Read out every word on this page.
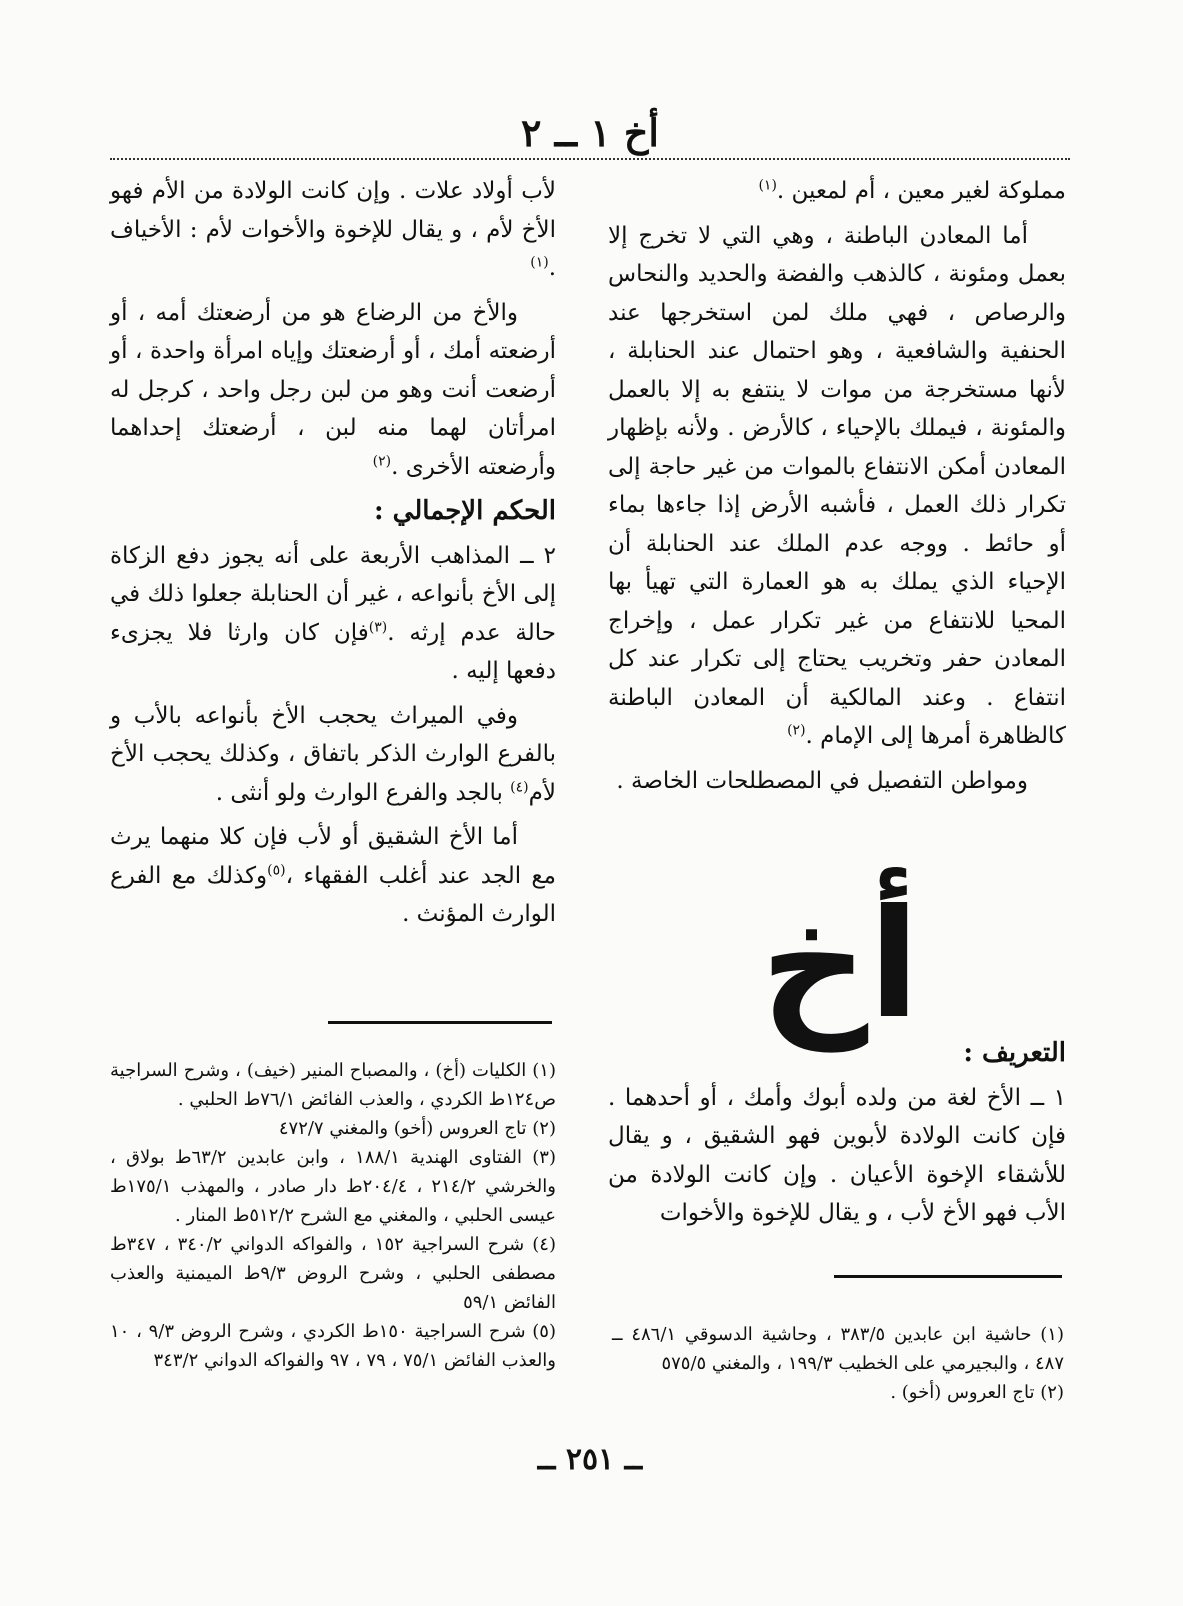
أخ ١ ــ ٢

مملوكة لغير معين ، أم لمعين .$^{(١)}$

أما المعادن الباطنة ، وهي التي لا تخرج إلا بعمل ومئونة ، كالذهب والفضة والحديد والنحاس والرصاص ، فهي ملك لمن استخرجها عند الحنفية والشافعية ، وهو احتمال عند الحنابلة ، لأنها مستخرجة من موات لا ينتفع به إلا بالعمل والمئونة ، فيملك بالإحياء ، كالأرض . ولأنه بإظهار المعادن أمكن الانتفاع بالموات من غير حاجة إلى تكرار ذلك العمل ، فأشبه الأرض إذا جاءها بماء أو حائط . ووجه عدم الملك عند الحنابلة أن الإحياء الذي يملك به هو العمارة التي تهيأ بها المحيا للانتفاع من غير تكرار عمل ، وإخراج المعادن حفر وتخريب يحتاج إلى تكرار عند كل انتفاع . وعند المالكية أن المعادن الباطنة كالظاهرة أمرها إلى الإمام .$^{(٢)}$

ومواطن التفصيل في المصطلحات الخاصة .

أخ

التعريف :

١ ــ الأخ لغة من ولده أبوك وأمك ، أو أحدهما . فإن كانت الولادة لأبوين فهو الشقيق ، و يقال للأشقاء الإخوة الأعيان . وإن كانت الولادة من الأب فهو الأخ لأب ، و يقال للإخوة والأخوات

(١) حاشية ابن عابدين ٣٨٣/٥ ، وحاشية الدسوقي ٤٨٦/١ ــ ٤٨٧ ، والبجيرمي على الخطيب ١٩٩/٣ ، والمغني ٥٧٥/٥

(٢) تاج العروس (أخو) .

لأب أولاد علات . وإن كانت الولادة من الأم فهو الأخ لأم ، و يقال للإخوة والأخوات لأم : الأخياف .$^{(١)}$

والأخ من الرضاع هو من أرضعتك أمه ، أو أرضعته أمك ، أو أرضعتك وإياه امرأة واحدة ، أو أرضعت أنت وهو من لبن رجل واحد ، كرجل له امرأتان لهما منه لبن ، أرضعتك إحداهما وأرضعته الأخرى .$^{(٢)}$

الحكم الإجمالي :

٢ ــ المذاهب الأربعة على أنه يجوز دفع الزكاة إلى الأخ بأنواعه ، غير أن الحنابلة جعلوا ذلك في حالة عدم إرثه .$^{(٣)}$فإن كان وارثا فلا يجزىء دفعها إليه .

وفي الميراث يحجب الأخ بأنواعه بالأب و بالفرع الوارث الذكر باتفاق ، وكذلك يحجب الأخ لأم$^{(٤)}$ بالجد والفرع الوارث ولو أنثى .

أما الأخ الشقيق أو لأب فإن كلا منهما يرث مع الجد عند أغلب الفقهاء ،$^{(٥)}$وكذلك مع الفرع الوارث المؤنث .

(١) الكليات (أخ) ، والمصباح المنير (خيف) ، وشرح السراجية ص١٢٤ط الكردي ، والعذب الفائض ٧٦/١ط الحلبي .

(٢) تاج العروس (أخو) والمغني ٤٧٢/٧

(٣) الفتاوى الهندية ١٨٨/١ ، وابن عابدين ٦٣/٢ط بولاق ، والخرشي ٢١٤/٢ ، ٢٠٤/٤ط دار صادر ، والمهذب ١٧٥/١ط عيسى الحلبي ، والمغني مع الشرح ٥١٢/٢ط المنار .

(٤) شرح السراجية ١٥٢ ، والفواكه الدواني ٣٤٠/٢ ، ٣٤٧ط مصطفى الحلبي ، وشرح الروض ٩/٣ط الميمنية والعذب الفائض ٥٩/١

(٥) شرح السراجية ١٥٠ط الكردي ، وشرح الروض ٩/٣ ، ١٠ والعذب الفائض ٧٥/١ ، ٧٩ ، ٩٧ والفواكه الدواني ٣٤٣/٢

ــ ٢٥١ ــ
